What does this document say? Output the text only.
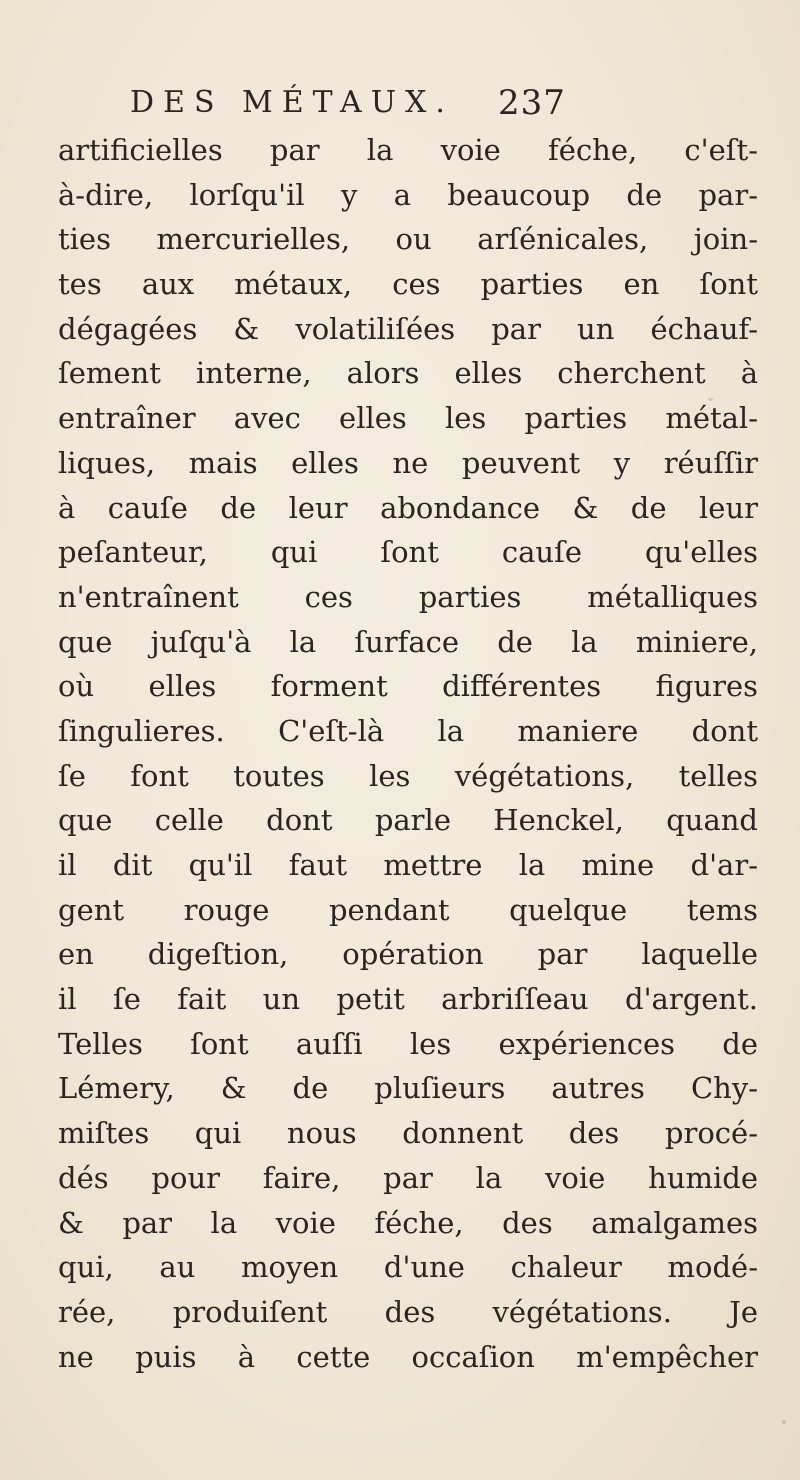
DES MÉTAUX. 237
artificielles par la voie féche, c'eſt-
à-dire, lorſqu'il y a beaucoup de par-
ties mercurielles, ou arſénicales, join-
tes aux métaux, ces parties en ſont
dégagées & volatiliſées par un échauf-
ſement interne, alors elles cherchent à
entraîner avec elles les parties métal-
liques, mais elles ne peuvent y réuſſir
à cauſe de leur abondance & de leur
peſanteur, qui ſont cauſe qu'elles
n'entraînent ces parties métalliques
que juſqu'à la ſurface de la miniere,
où elles forment différentes figures
ſingulieres. C'eſt-là la maniere dont
ſe font toutes les végétations, telles
que celle dont parle Henckel, quand
il dit qu'il faut mettre la mine d'ar-
gent rouge pendant quelque tems
en digeſtion, opération par laquelle
il ſe fait un petit arbriſſeau d'argent.
Telles ſont auſſi les expériences de
Lémery, & de pluſieurs autres Chy-
miſtes qui nous donnent des procé-
dés pour faire, par la voie humide
& par la voie féche, des amalgames
qui, au moyen d'une chaleur modé-
rée, produiſent des végétations. Je
ne puis à cette occaſion m'empêcher
